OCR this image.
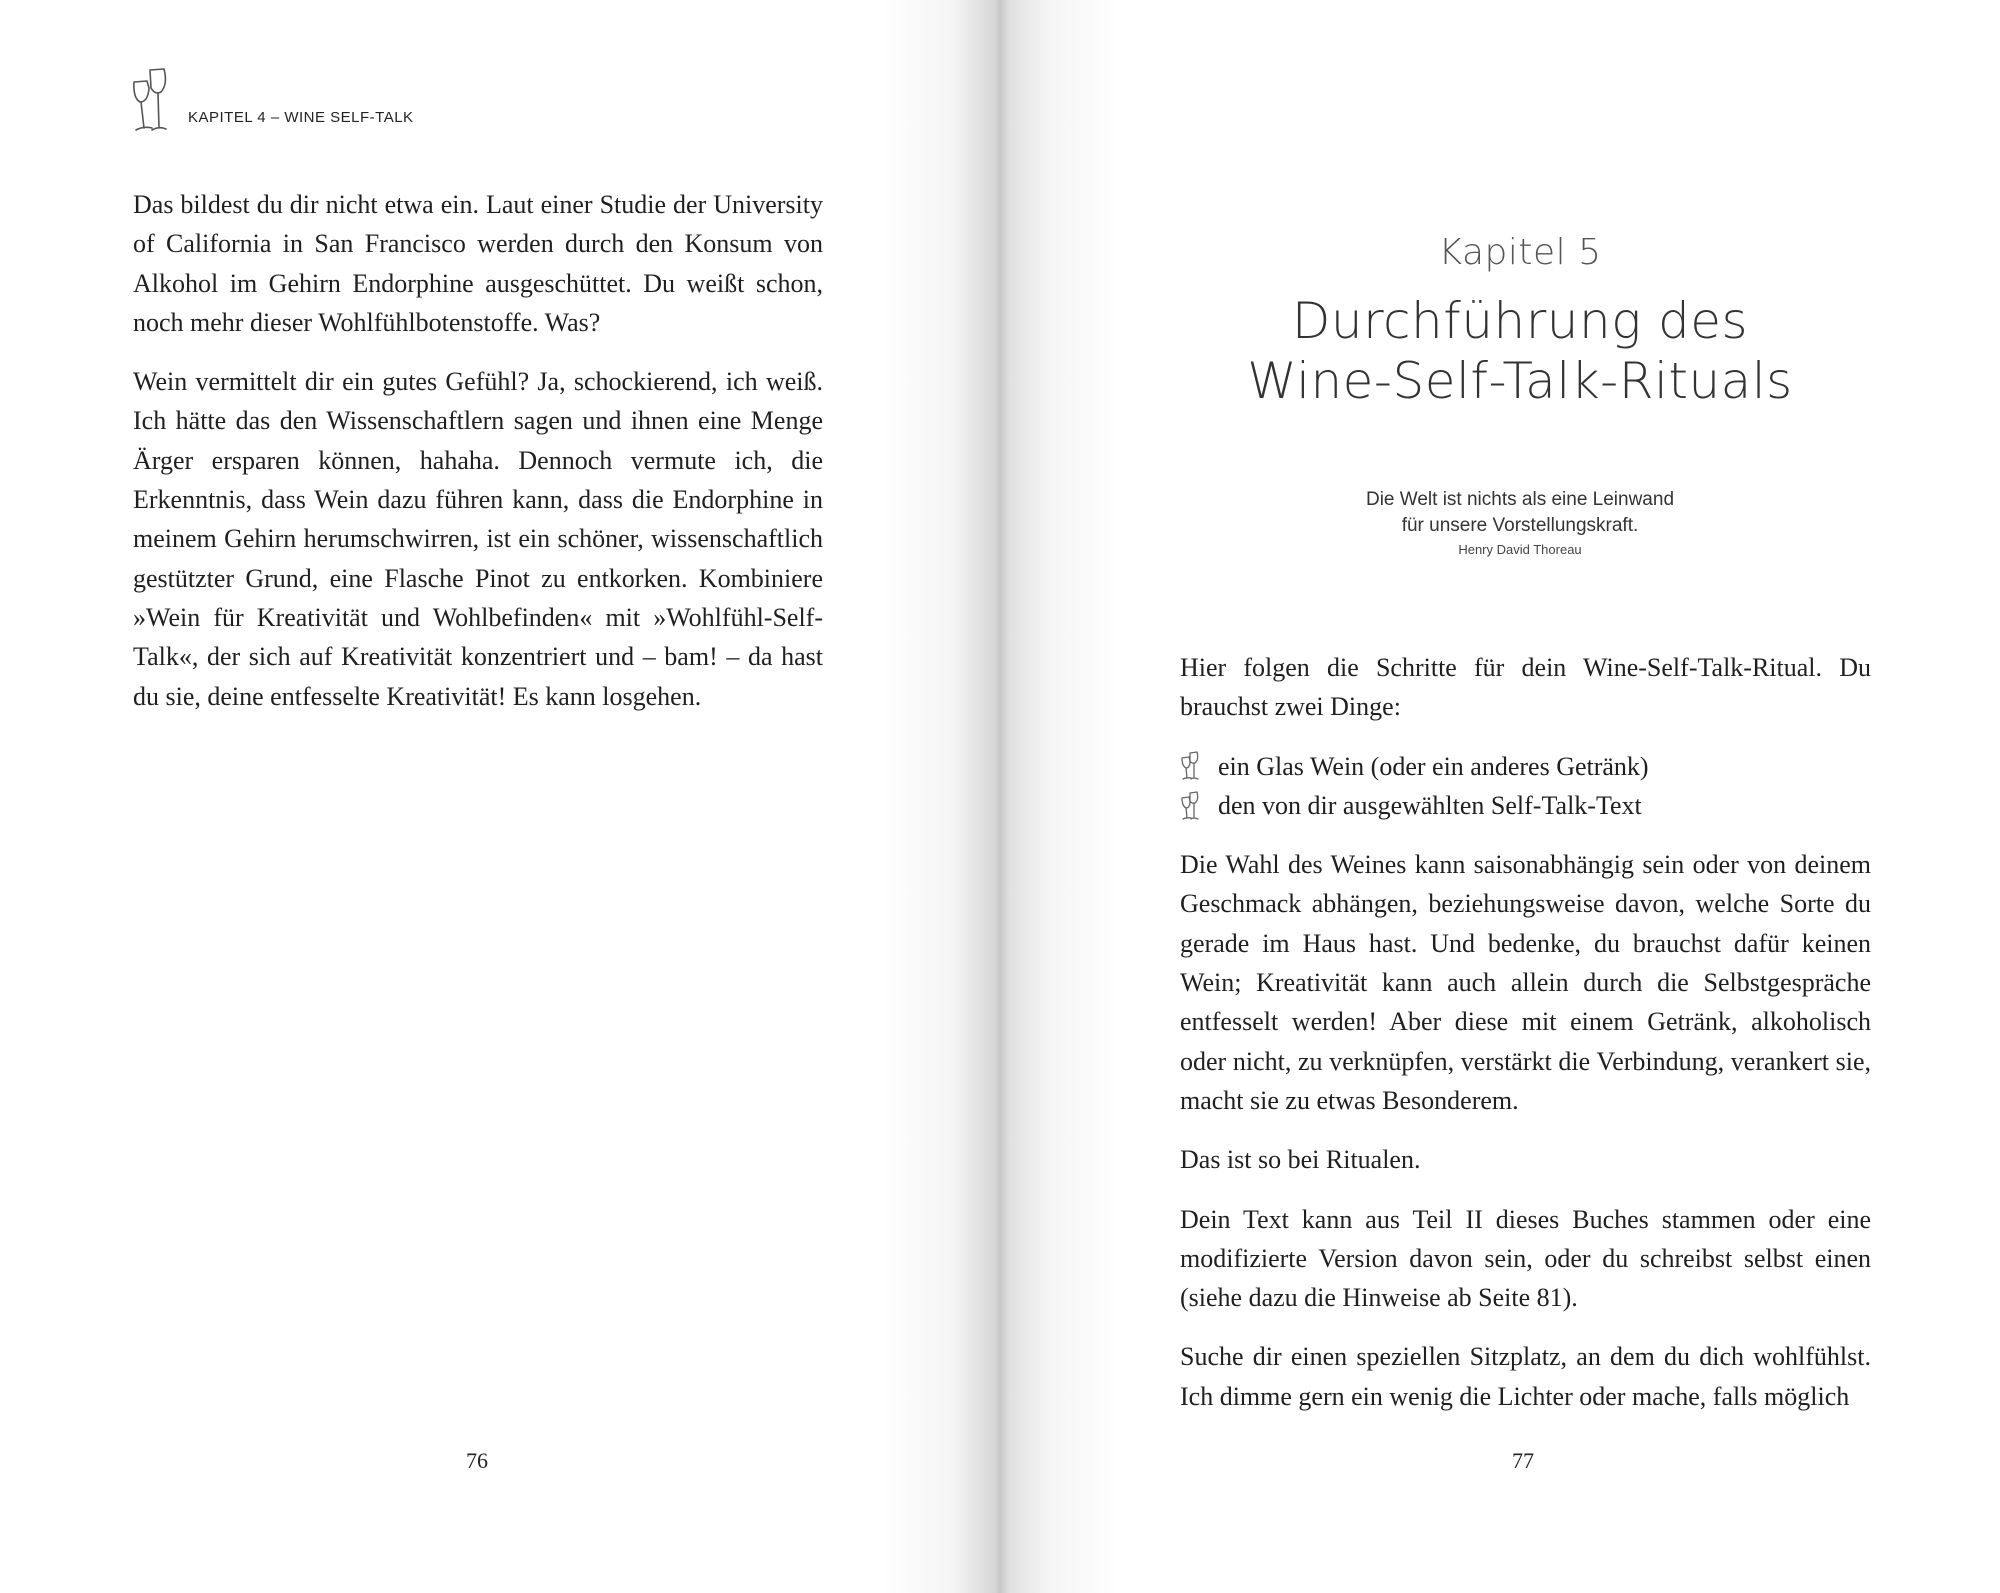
KAPITEL 4 – WINE SELF-TALK

Das bildest du dir nicht etwa ein. Laut einer Studie der University of California in San Francisco werden durch den Konsum von Alkohol im Gehirn Endorphine ausgeschüttet. Du weißt schon, noch mehr dieser Wohlfühlbotenstoffe. Was?

Wein vermittelt dir ein gutes Gefühl? Ja, schockierend, ich weiß. Ich hätte das den Wissenschaftlern sagen und ihnen eine Menge Ärger ersparen können, hahaha. Dennoch vermute ich, die Erkenntnis, dass Wein dazu führen kann, dass die Endorphine in meinem Gehirn herumschwirren, ist ein schöner, wissenschaftlich gestützter Grund, eine Flasche Pinot zu entkorken. Kombiniere »Wein für Kreativität und Wohlbefinden« mit »Wohlfühl-Self-Talk«, der sich auf Kreativität konzentriert und – bam! – da hast du sie, deine entfesselte Kreativität! Es kann losgehen.

76
Kapitel 5
Durchführung des
Wine-Self-Talk-Rituals
Die Welt ist nichts als eine Leinwand
für unsere Vorstellungskraft.
Henry David Thoreau

Hier folgen die Schritte für dein Wine-Self-Talk-Ritual. Du brauchst zwei Dinge:

ein Glas Wein (oder ein anderes Getränk)
den von dir ausgewählten Self-Talk-Text

Die Wahl des Weines kann saisonabhängig sein oder von deinem Geschmack abhängen, beziehungsweise davon, welche Sorte du gerade im Haus hast. Und bedenke, du brauchst dafür keinen Wein; Kreativität kann auch allein durch die Selbstgespräche entfesselt werden! Aber diese mit einem Getränk, alkoholisch oder nicht, zu verknüpfen, verstärkt die Verbindung, verankert sie, macht sie zu etwas Besonderem.

Das ist so bei Ritualen.

Dein Text kann aus Teil II dieses Buches stammen oder eine modifizierte Version davon sein, oder du schreibst selbst einen (siehe dazu die Hinweise ab Seite 81).

Suche dir einen speziellen Sitzplatz, an dem du dich wohlfühlst. Ich dimme gern ein wenig die Lichter oder mache, falls möglich

77
